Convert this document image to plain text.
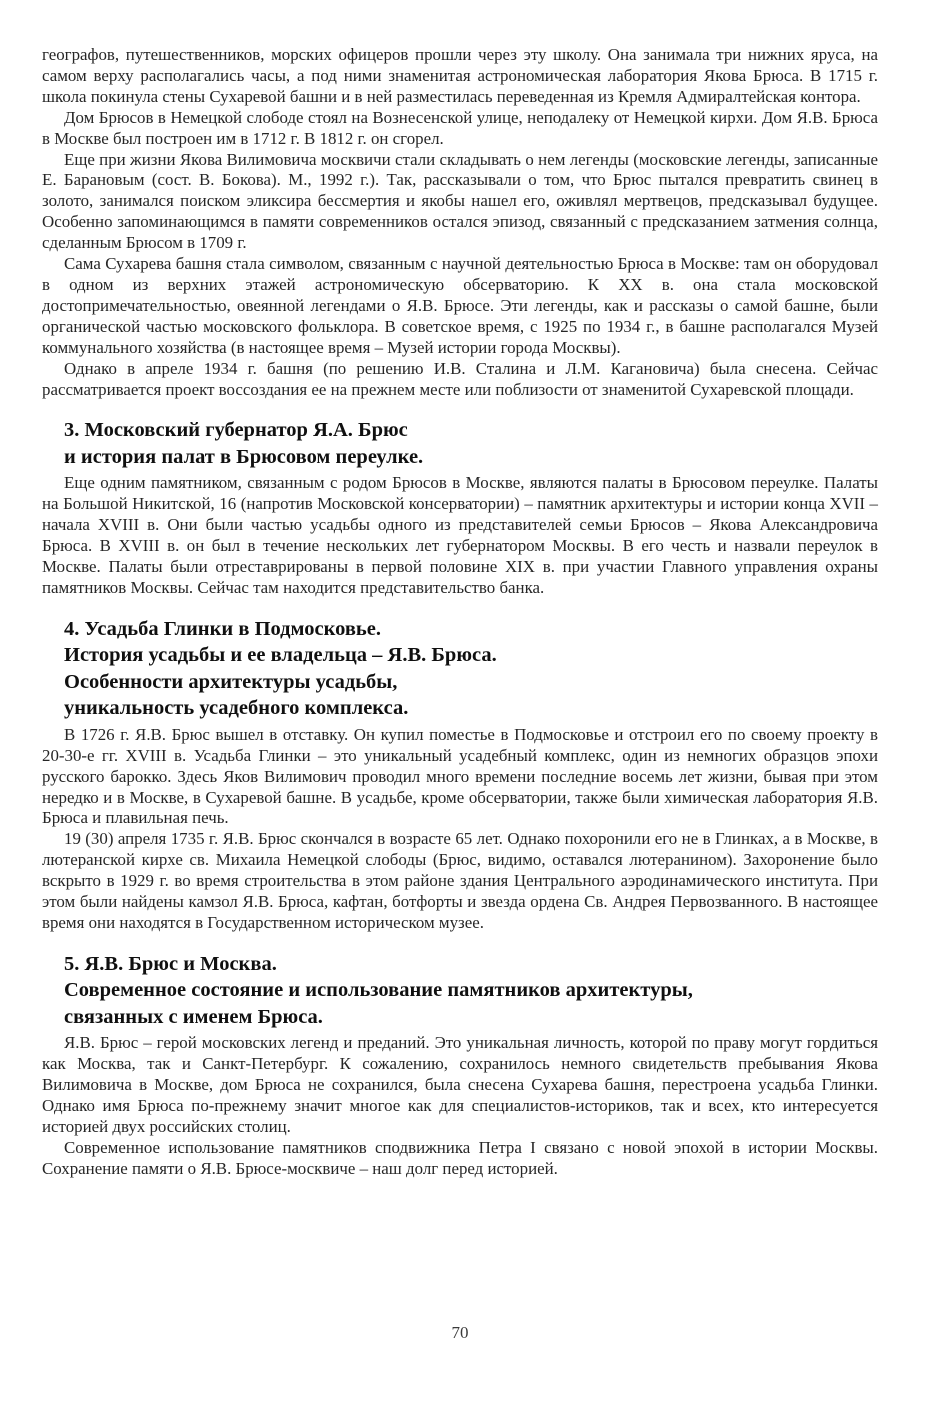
географов, путешественников, морских офицеров прошли через эту школу. Она занимала три нижних яруса, на самом верху располагались часы, а под ними знаменитая астрономическая лаборатория Якова Брюса. В 1715 г. школа покинула стены Сухаревой башни и в ней разместилась переведенная из Кремля Адмиралтейская контора.

Дом Брюсов в Немецкой слободе стоял на Вознесенской улице, неподалеку от Немецкой кирхи. Дом Я.В. Брюса в Москве был построен им в 1712 г. В 1812 г. он сгорел.

Еще при жизни Якова Вилимовича москвичи стали складывать о нем легенды (московские легенды, записанные Е. Барановым (сост. В. Бокова). М., 1992 г.). Так, рассказывали о том, что Брюс пытался превратить свинец в золото, занимался поиском эликсира бессмертия и якобы нашел его, оживлял мертвецов, предсказывал будущее. Особенно запоминающимся в памяти современников остался эпизод, связанный с предсказанием затмения солнца, сделанным Брюсом в 1709 г.

Сама Сухарева башня стала символом, связанным с научной деятельностью Брюса в Москве: там он оборудовал в одном из верхних этажей астрономическую обсерваторию. К XX в. она стала московской достопримечательностью, овеянной легендами о Я.В. Брюсе. Эти легенды, как и рассказы о самой башне, были органической частью московского фольклора. В советское время, с 1925 по 1934 г., в башне располагался Музей коммунального хозяйства (в настоящее время – Музей истории города Москвы).

Однако в апреле 1934 г. башня (по решению И.В. Сталина и Л.М. Кагановича) была снесена. Сейчас рассматривается проект воссоздания ее на прежнем месте или поблизости от знаменитой Сухаревской площади.

3. Московский губернатор Я.А. Брюс
и история палат в Брюсовом переулке.

Еще одним памятником, связанным с родом Брюсов в Москве, являются палаты в Брюсовом переулке. Палаты на Большой Никитской, 16 (напротив Московской консерватории) – памятник архитектуры и истории конца XVII – начала XVIII в. Они были частью усадьбы одного из представителей семьи Брюсов – Якова Александровича Брюса. В XVIII в. он был в течение нескольких лет губернатором Москвы. В его честь и назвали переулок в Москве. Палаты были отреставрированы в первой половине XIX в. при участии Главного управления охраны памятников Москвы. Сейчас там находится представительство банка.

4. Усадьба Глинки в Подмосковье.
История усадьбы и ее владельца – Я.В. Брюса.
Особенности архитектуры усадьбы,
уникальность усадебного комплекса.

В 1726 г. Я.В. Брюс вышел в отставку. Он купил поместье в Подмосковье и отстроил его по своему проекту в 20-30-е гг. XVIII в. Усадьба Глинки – это уникальный усадебный комплекс, один из немногих образцов эпохи русского барокко. Здесь Яков Вилимович проводил много времени последние восемь лет жизни, бывая при этом нередко и в Москве, в Сухаревой башне. В усадьбе, кроме обсерватории, также были химическая лаборатория Я.В. Брюса и плавильная печь.

19 (30) апреля 1735 г. Я.В. Брюс скончался в возрасте 65 лет. Однако похоронили его не в Глинках, а в Москве, в лютеранской кирхе св. Михаила Немецкой слободы (Брюс, видимо, оставался лютеранином). Захоронение было вскрыто в 1929 г. во время строительства в этом районе здания Центрального аэродинамического института. При этом были найдены камзол Я.В. Брюса, кафтан, ботфорты и звезда ордена Св. Андрея Первозванного. В настоящее время они находятся в Государственном историческом музее.

5. Я.В. Брюс и Москва.
Современное состояние и использование памятников архитектуры,
связанных с именем Брюса.

Я.В. Брюс – герой московских легенд и преданий. Это уникальная личность, которой по праву могут гордиться как Москва, так и Санкт-Петербург. К сожалению, сохранилось немного свидетельств пребывания Якова Вилимовича в Москве, дом Брюса не сохранился, была снесена Сухарева башня, перестроена усадьба Глинки. Однако имя Брюса по-прежнему значит многое как для специалистов-историков, так и всех, кто интересуется историей двух российских столиц.

Современное использование памятников сподвижника Петра I связано с новой эпохой в истории Москвы. Сохранение памяти о Я.В. Брюсе-москвиче – наш долг перед историей.

70
